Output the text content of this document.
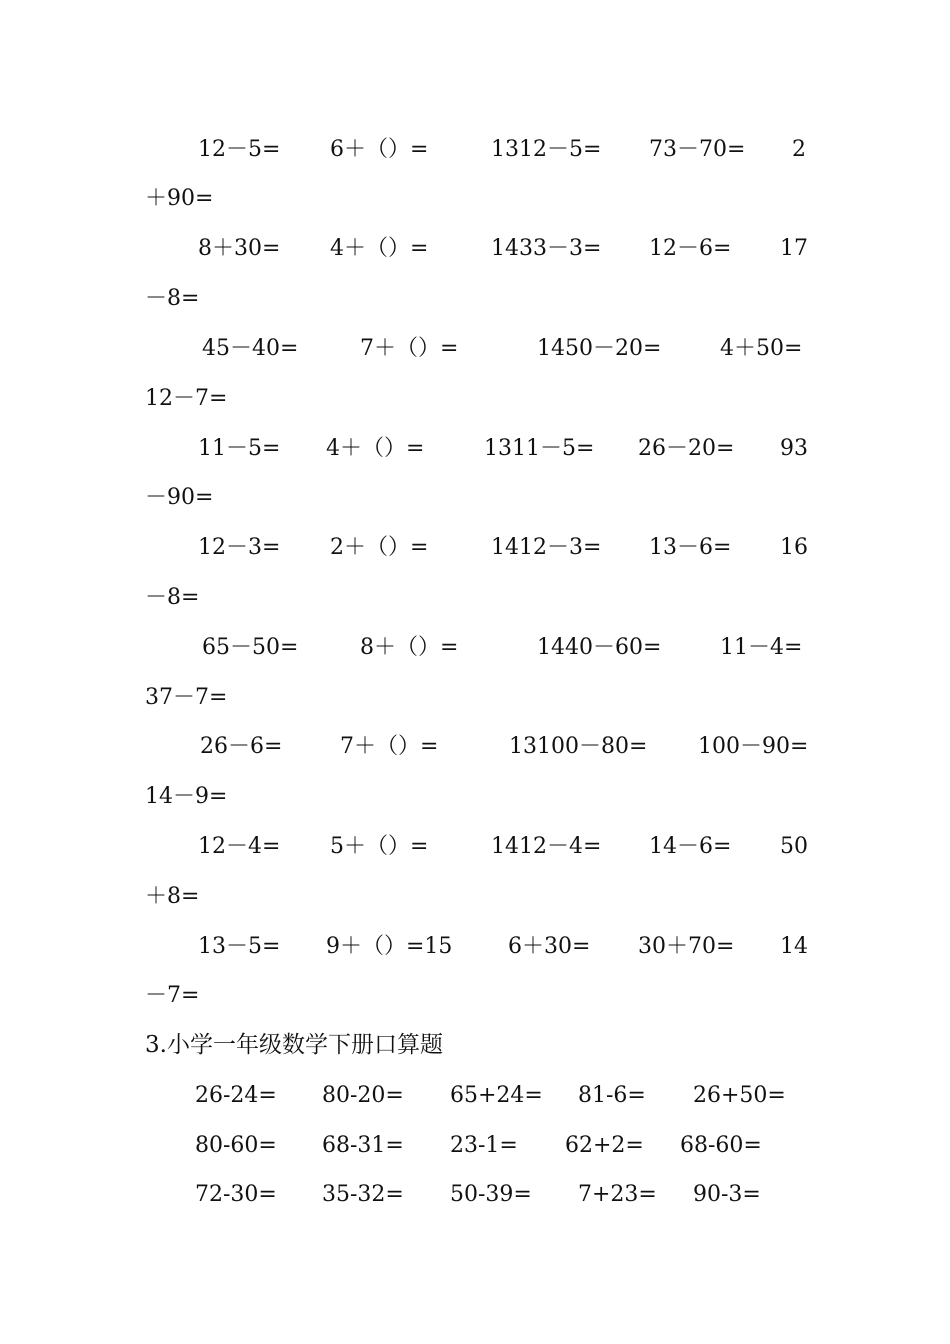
12－5= 6＋（）=	1312－5= 73－70= 2
＋90=
8＋30= 4＋（）=	1433－3= 12－6= 17
－8=
45－40=	7＋（）=	1450－20=	4＋50=
12－7=
11－5= 4＋（）=	1311－5= 26－20= 93
－90=
12－3= 2＋（）=	1412－3= 13－6= 16
－8=
65－50=	8＋（）=	1440－60=	11－4=
37－7=
26－6=	7＋（）=	13100－80= 100－90=
14－9=
12－4= 5＋（）=	1412－4= 14－6= 50
＋8=
13－5= 9＋（）=15	6＋30= 30＋70= 14
－7=
3.小学一年级数学下册口算题
26-24= 80-20= 65+24= 81-6= 26+50=
80-60= 68-31= 23-1= 62+2= 68-60=
72-30= 35-32= 50-39= 7+23= 90-3=
